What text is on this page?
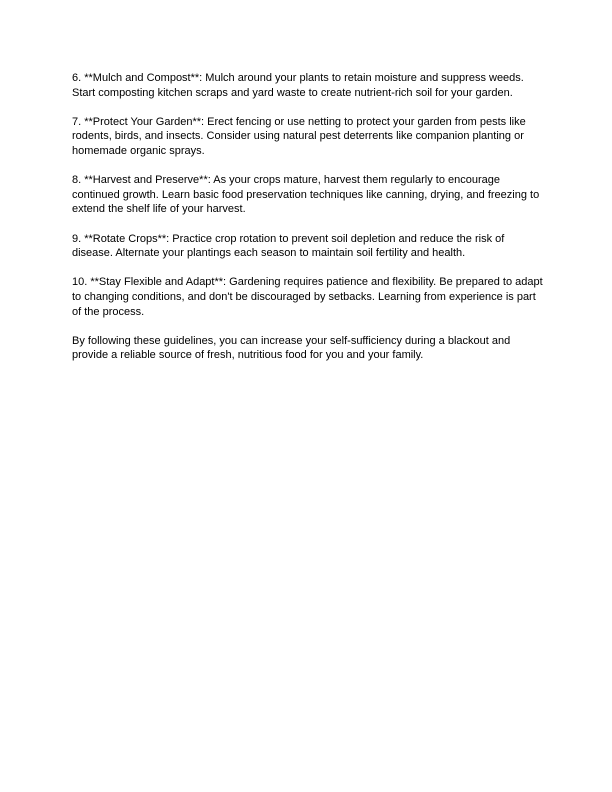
6. **Mulch and Compost**: Mulch around your plants to retain moisture and suppress weeds. Start composting kitchen scraps and yard waste to create nutrient-rich soil for your garden.

7. **Protect Your Garden**: Erect fencing or use netting to protect your garden from pests like rodents, birds, and insects. Consider using natural pest deterrents like companion planting or homemade organic sprays.

8. **Harvest and Preserve**: As your crops mature, harvest them regularly to encourage continued growth. Learn basic food preservation techniques like canning, drying, and freezing to extend the shelf life of your harvest.

9. **Rotate Crops**: Practice crop rotation to prevent soil depletion and reduce the risk of disease. Alternate your plantings each season to maintain soil fertility and health.

10. **Stay Flexible and Adapt**: Gardening requires patience and flexibility. Be prepared to adapt to changing conditions, and don't be discouraged by setbacks. Learning from experience is part of the process.

By following these guidelines, you can increase your self-sufficiency during a blackout and provide a reliable source of fresh, nutritious food for you and your family.
